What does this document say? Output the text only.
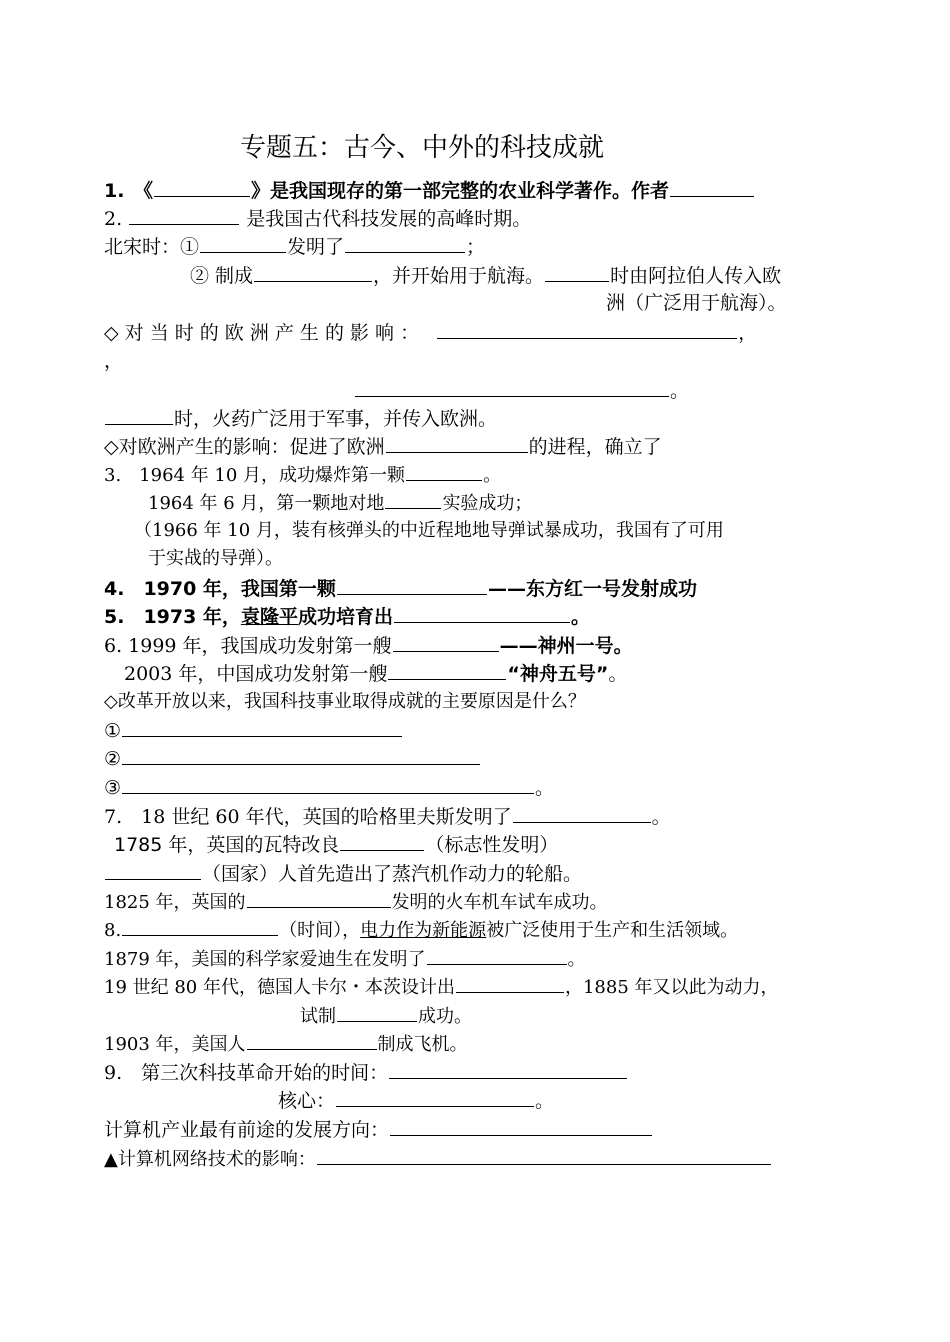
专题五：古今、中外的科技成就
1.　《	》是我国现存的第一部完整的农业科学著作。作者
2.	是我国古代科技发展的高峰时期。
北宋时：①	发明了	；
② 制成	，并开始用于航海。	时由阿拉伯人传入欧
洲（广泛用于航海）。
◇ 对 当 时 的 欧 洲 产 生 的 影 响 ：	，
，
。
时，火药广泛用于军事，并传入欧洲。
◇对欧洲产生的影响：促进了欧洲	的进程，确立了
3.　1964 年 10 月，成功爆炸第一颗	。
1964 年 6 月，第一颗地对地	实验成功；
（1966 年 10 月，装有核弹头的中近程地地导弹试暴成功，我国有了可用
于实战的导弹）。
4.　1970 年，我国第一颗	——东方红一号发射成功
5.　1973 年，袁隆平成功培育出	。
6. 1999 年，我国成功发射第一艘	——神州一号。
2003 年，中国成功发射第一艘	“神舟五号”。
◇改革开放以来，我国科技事业取得成就的主要原因是什么？
①
②
③	。
7.　18 世纪 60 年代，英国的哈格里夫斯发明了	。
1785 年，英国的瓦特改良	（标志性发明）
（国家）人首先造出了蒸汽机作动力的轮船。
1825 年，英国的	发明的火车机车试车成功。
8.	（时间），电力作为新能源被广泛使用于生产和生活领域。
1879 年，美国的科学家爱迪生在发明了	。
19 世纪 80 年代，德国人卡尔・本茨设计出	，1885 年又以此为动力，
试制	成功。
1903 年，美国人	制成飞机。
9.　第三次科技革命开始的时间：
核心：	。
计算机产业最有前途的发展方向：
▲计算机网络技术的影响：
